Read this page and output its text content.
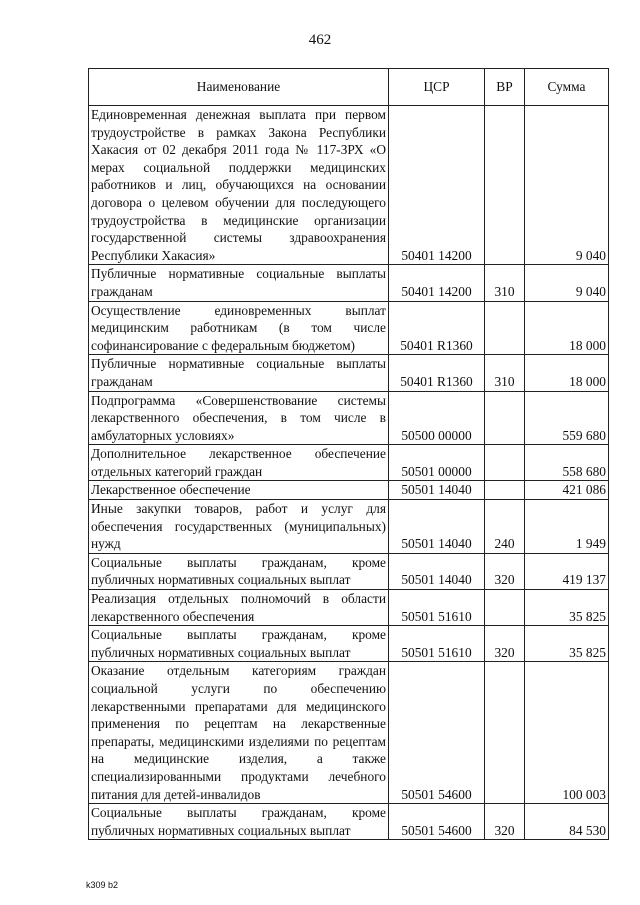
462
Наименование	ЦСР	ВР	Сумма
Единовременная денежная выплата при первом трудоустройстве в рамках Закона Республики Хакасия от 02 декабря 2011 года № 117-ЗРХ «О мерах социальной поддержки медицинских работников и лиц, обучающихся на основании договора о целевом обучении для последующего трудоустройства в медицинские организации государственной системы здравоохранения Республики Хакасия»	50401 14200		9 040
Публичные нормативные социальные выплаты гражданам	50401 14200	310	9 040
Осуществление единовременных выплат медицинским работникам (в том числе софинансирование с федеральным бюджетом)	50401 R1360		18 000
Публичные нормативные социальные выплаты гражданам	50401 R1360	310	18 000
Подпрограмма «Совершенствование системы лекарственного обеспечения, в том числе в амбулаторных условиях»	50500 00000		559 680
Дополнительное лекарственное обеспечение отдельных категорий граждан	50501 00000		558 680
Лекарственное обеспечение	50501 14040		421 086
Иные закупки товаров, работ и услуг для обеспечения государственных (муниципальных) нужд	50501 14040	240	1 949
Социальные выплаты гражданам, кроме публичных нормативных социальных выплат	50501 14040	320	419 137
Реализация отдельных полномочий в области лекарственного обеспечения	50501 51610		35 825
Социальные выплаты гражданам, кроме публичных нормативных социальных выплат	50501 51610	320	35 825
Оказание отдельным категориям граждан социальной услуги по обеспечению лекарственными препаратами для медицинского применения по рецептам на лекарственные препараты, медицинскими изделиями по рецептам на медицинские изделия, а также специализированными продуктами лечебного питания для детей-инвалидов	50501 54600		100 003
Социальные выплаты гражданам, кроме публичных нормативных социальных выплат	50501 54600	320	84 530
k309 b2
